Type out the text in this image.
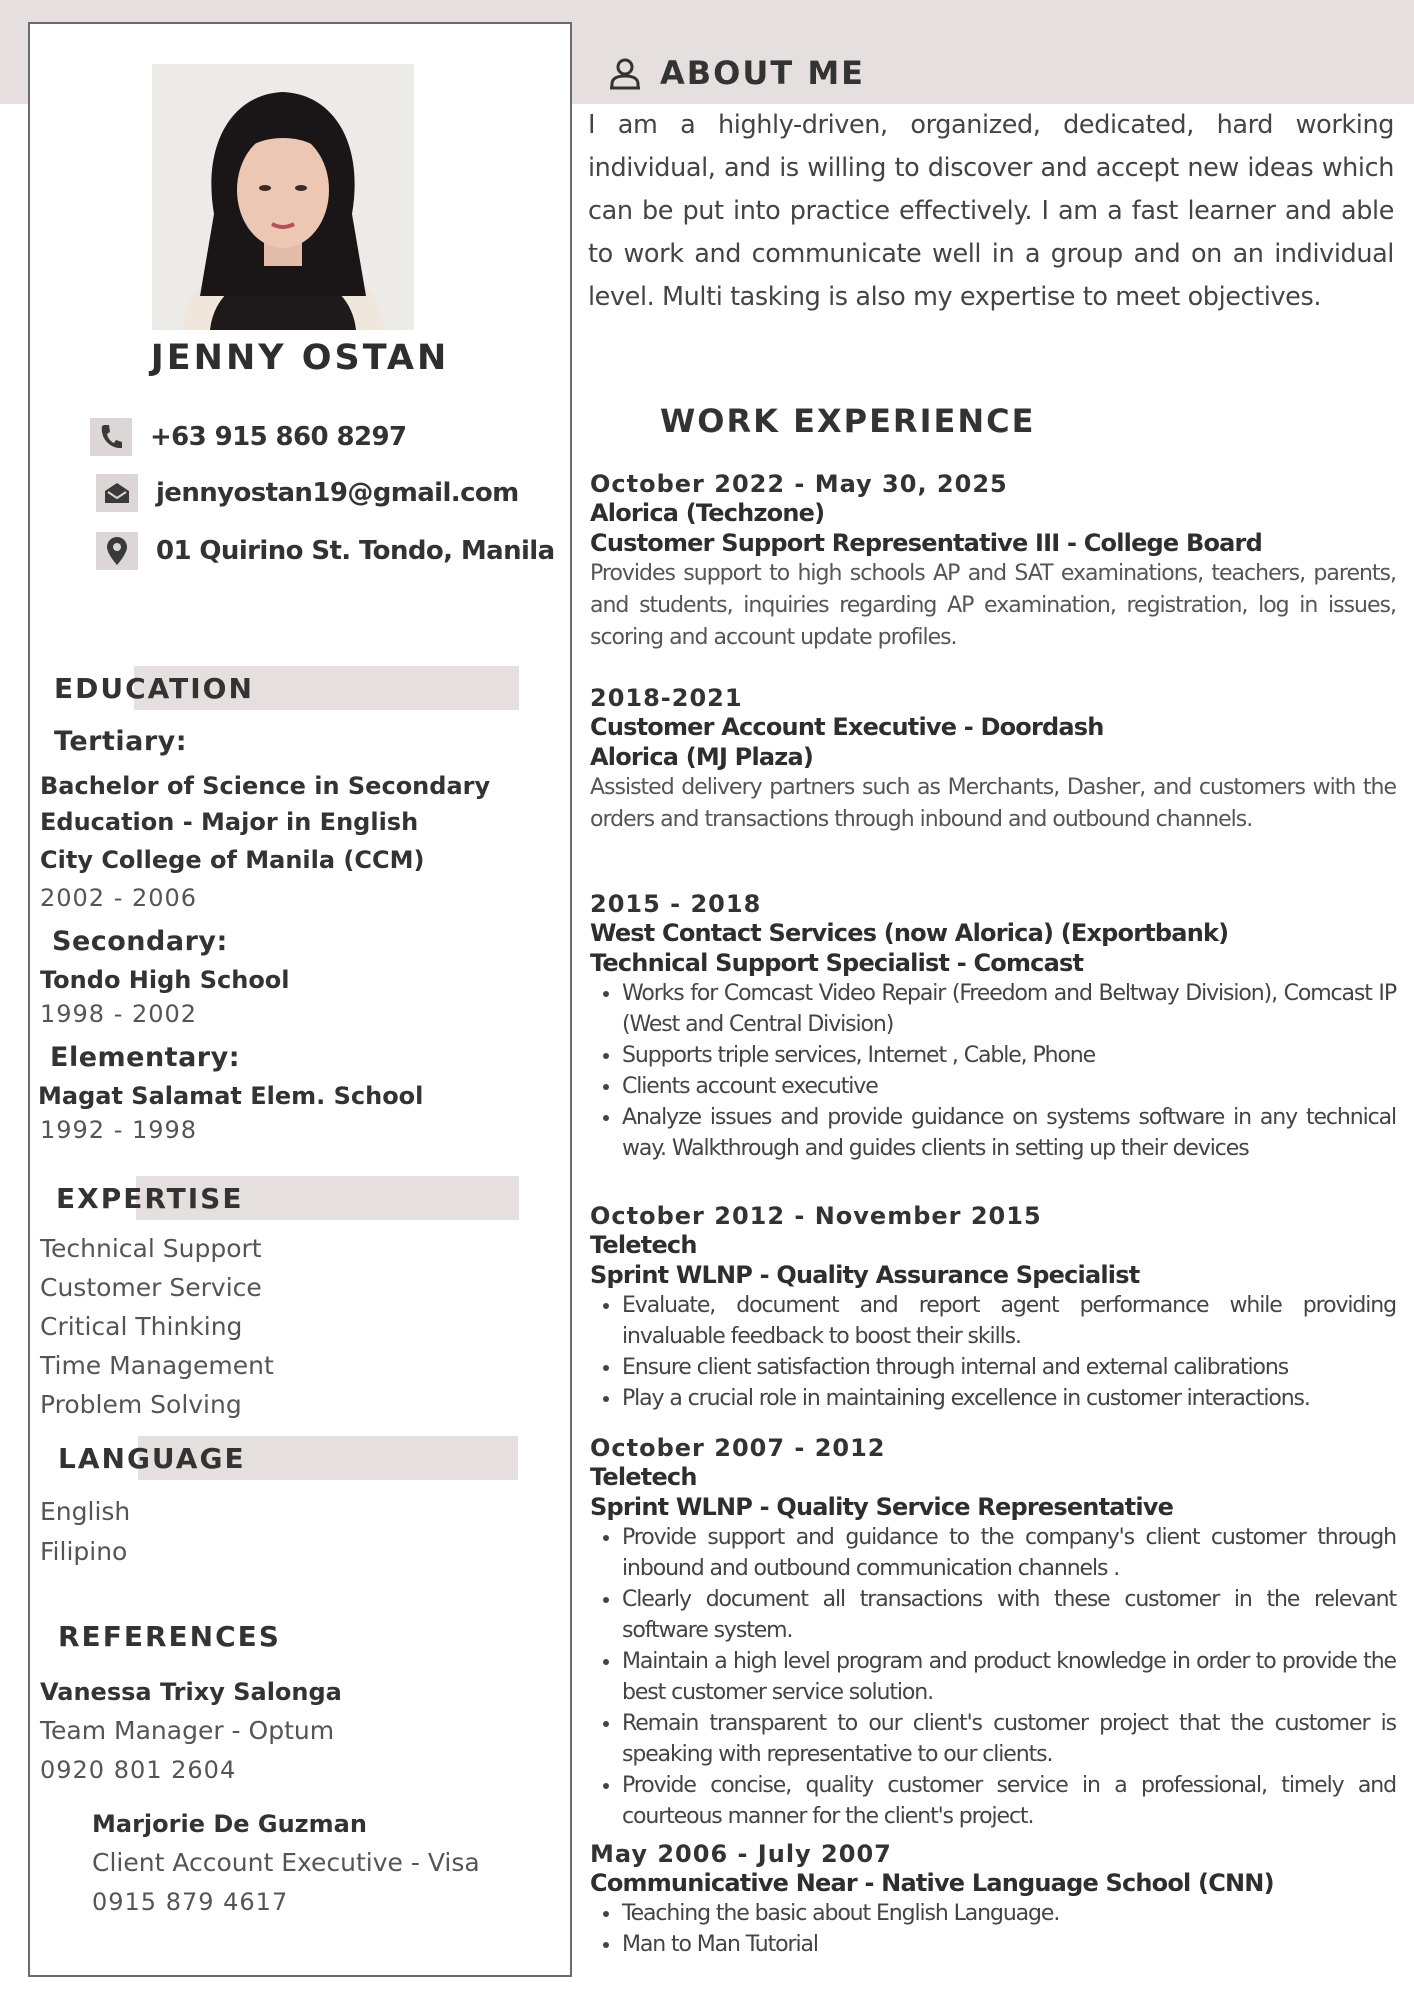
JENNY OSTAN
+63 915 860 8297
jennyostan19@gmail.com
01 Quirino St. Tondo, Manila
EDUCATION
Tertiary:
Bachelor of Science in Secondary
Education - Major in English
City College of Manila (CCM)
2002 - 2006
Secondary:
Tondo High School
1998 - 2002
Elementary:
Magat Salamat Elem. School
1992 - 1998
EXPERTISE
Technical Support
Customer Service
Critical Thinking
Time Management
Problem Solving
LANGUAGE
English
Filipino
REFERENCES
Vanessa Trixy Salonga
Team Manager - Optum
0920 801 2604
Marjorie De Guzman
Client Account Executive - Visa
0915 879 4617
ABOUT ME
I am a highly-driven, organized, dedicated, hard working individual, and is willing to discover and accept new ideas which can be put into practice effectively. I am a fast learner and able to work and communicate well in a group and on an individual level. Multi tasking is also my expertise to meet objectives.
WORK EXPERIENCE
October 2022 - May 30, 2025
Alorica (Techzone)
Customer Support Representative III - College Board
Provides support to high schools AP and SAT examinations, teachers, parents, and students, inquiries regarding AP examination, registration, log in issues, scoring and account update profiles.
2018-2021
Customer Account Executive - Doordash
Alorica (MJ Plaza)
Assisted delivery partners such as Merchants, Dasher, and customers with the orders and transactions through inbound and outbound channels.
2015 - 2018
West Contact Services (now Alorica) (Exportbank)
Technical Support Specialist - Comcast
• Works for Comcast Video Repair (Freedom and Beltway Division), Comcast IP (West and Central Division)
• Supports triple services, Internet , Cable, Phone
• Clients account executive
• Analyze issues and provide guidance on systems software in any technical way. Walkthrough and guides clients in setting up their devices
October 2012 - November 2015
Teletech
Sprint WLNP - Quality Assurance Specialist
• Evaluate, document and report agent performance while providing invaluable feedback to boost their skills.
• Ensure client satisfaction through internal and external calibrations
• Play a crucial role in maintaining excellence in customer interactions.
October 2007 - 2012
Teletech
Sprint WLNP - Quality Service Representative
• Provide support and guidance to the company's client customer through inbound and outbound communication channels .
• Clearly document all transactions with these customer in the relevant software system.
• Maintain a high level program and product knowledge in order to provide the best customer service solution.
• Remain transparent to our client's customer project that the customer is speaking with representative to our clients.
• Provide concise, quality customer service in a professional, timely and courteous manner for the client's project.
May 2006 - July 2007
Communicative Near - Native Language School (CNN)
• Teaching the basic about English Language.
• Man to Man Tutorial
